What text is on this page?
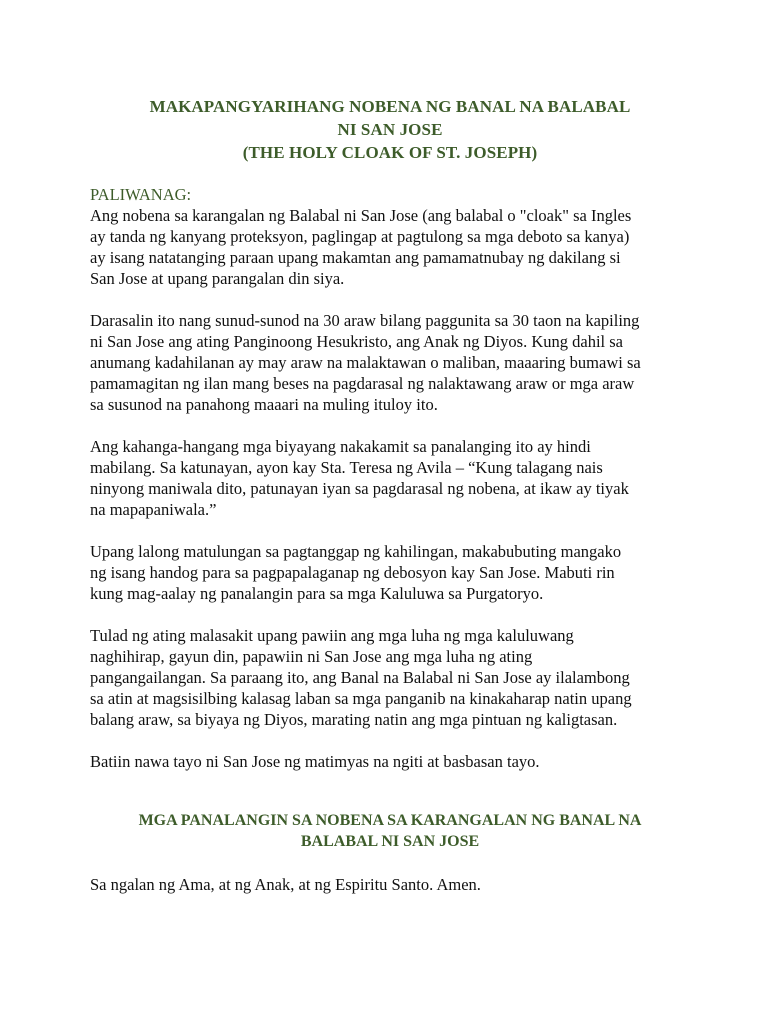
MAKAPANGYARIHANG NOBENA NG BANAL NA BALABAL
NI SAN JOSE
(THE HOLY CLOAK OF ST. JOSEPH)
PALIWANAG:
Ang nobena sa karangalan ng Balabal ni San Jose (ang balabal o "cloak" sa Ingles
ay tanda ng kanyang proteksyon, paglingap at pagtulong sa mga deboto sa kanya)
ay isang natatanging paraan upang makamtan ang pamamatnubay ng dakilang si
San Jose at upang parangalan din siya.
Darasalin ito nang sunud-sunod na 30 araw bilang paggunita sa 30 taon na kapiling
ni San Jose ang ating Panginoong Hesukristo, ang Anak ng Diyos. Kung dahil sa
anumang kadahilanan ay may araw na malaktawan o maliban, maaaring bumawi sa
pamamagitan ng ilan mang beses na pagdarasal ng nalaktawang araw or mga araw
sa susunod na panahong maaari na muling ituloy ito.
Ang kahanga-hangang mga biyayang nakakamit sa panalanging ito ay hindi
mabilang. Sa katunayan, ayon kay Sta. Teresa ng Avila – “Kung talagang nais
ninyong maniwala dito, patunayan iyan sa pagdarasal ng nobena, at ikaw ay tiyak
na mapapaniwala.”
Upang lalong matulungan sa pagtanggap ng kahilingan, makabubuting mangako
ng isang handog para sa pagpapalaganap ng debosyon kay San Jose. Mabuti rin
kung mag-aalay ng panalangin para sa mga Kaluluwa sa Purgatoryo.
Tulad ng ating malasakit upang pawiin ang mga luha ng mga kaluluwang
naghihirap, gayun din, papawiin ni San Jose ang mga luha ng ating
pangangailangan. Sa paraang ito, ang Banal na Balabal ni San Jose ay ilalambong
sa atin at magsisilbing kalasag laban sa mga panganib na kinakaharap natin upang
balang araw, sa biyaya ng Diyos, marating natin ang mga pintuan ng kaligtasan.
Batiin nawa tayo ni San Jose ng matimyas na ngiti at basbasan tayo.
MGA PANALANGIN SA NOBENA SA KARANGALAN NG BANAL NA
BALABAL NI SAN JOSE
Sa ngalan ng Ama, at ng Anak, at ng Espiritu Santo. Amen.
